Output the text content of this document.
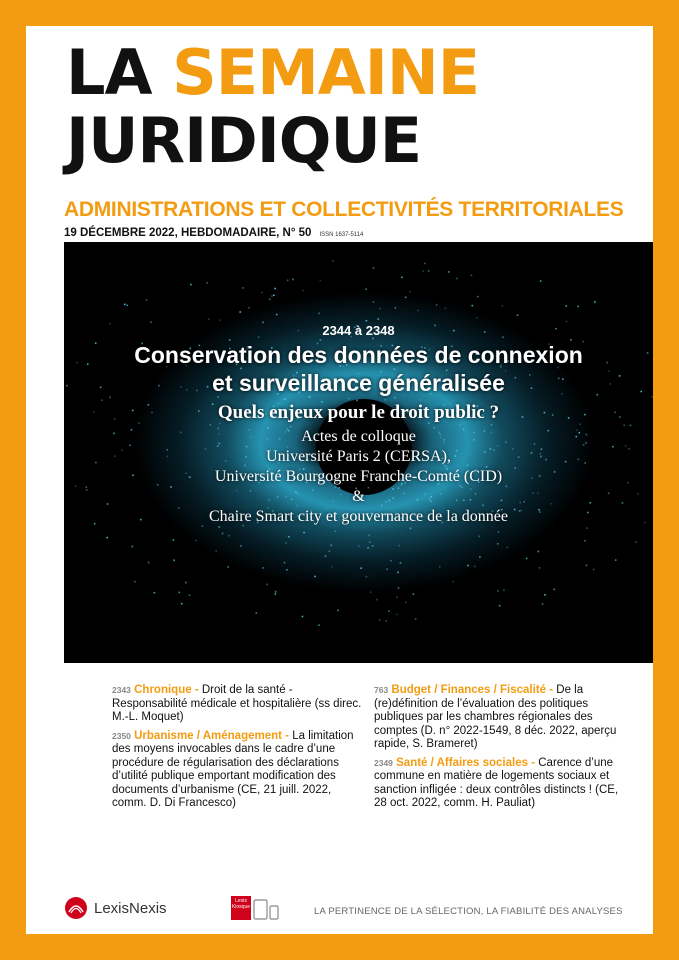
LA SEMAINE
JURIDIQUE
ADMINISTRATIONS ET COLLECTIVITÉS TERRITORIALES
19 DÉCEMBRE 2022, HEBDOMADAIRE, N° 50 ISSN 1637-5114
2344 à 2348
Conservation des données de connexion
et surveillance généralisée
Quels enjeux pour le droit public ?
Actes de colloque
Université Paris 2 (CERSA),
Université Bourgogne Franche-Comté (CID)
&
Chaire Smart city et gouvernance de la donnée
2343 Chronique - Droit de la santé - Responsabilité médicale et hospitalière (ss direc. M.-L. Moquet)
2350 Urbanisme / Aménagement - La limitation des moyens invocables dans le cadre d’une procédure de régularisation des déclarations d’utilité publique emportant modification des documents d’urbanisme (CE, 21 juill. 2022, comm. D. Di Francesco)
763 Budget / Finances / Fiscalité - De la (re)définition de l’évaluation des politiques publiques par les chambres régionales des comptes (D. n° 2022-1549, 8 déc. 2022, aperçu rapide, S. Brameret)
2349 Santé / Affaires sociales - Carence d’une commune en matière de logements sociaux et sanction infligée : deux contrôles distincts ! (CE, 28 oct. 2022, comm. H. Pauliat)
LexisNexis	Lexis Kiosque	LA PERTINENCE DE LA SÉLECTION, LA FIABILITÉ DES ANALYSES
